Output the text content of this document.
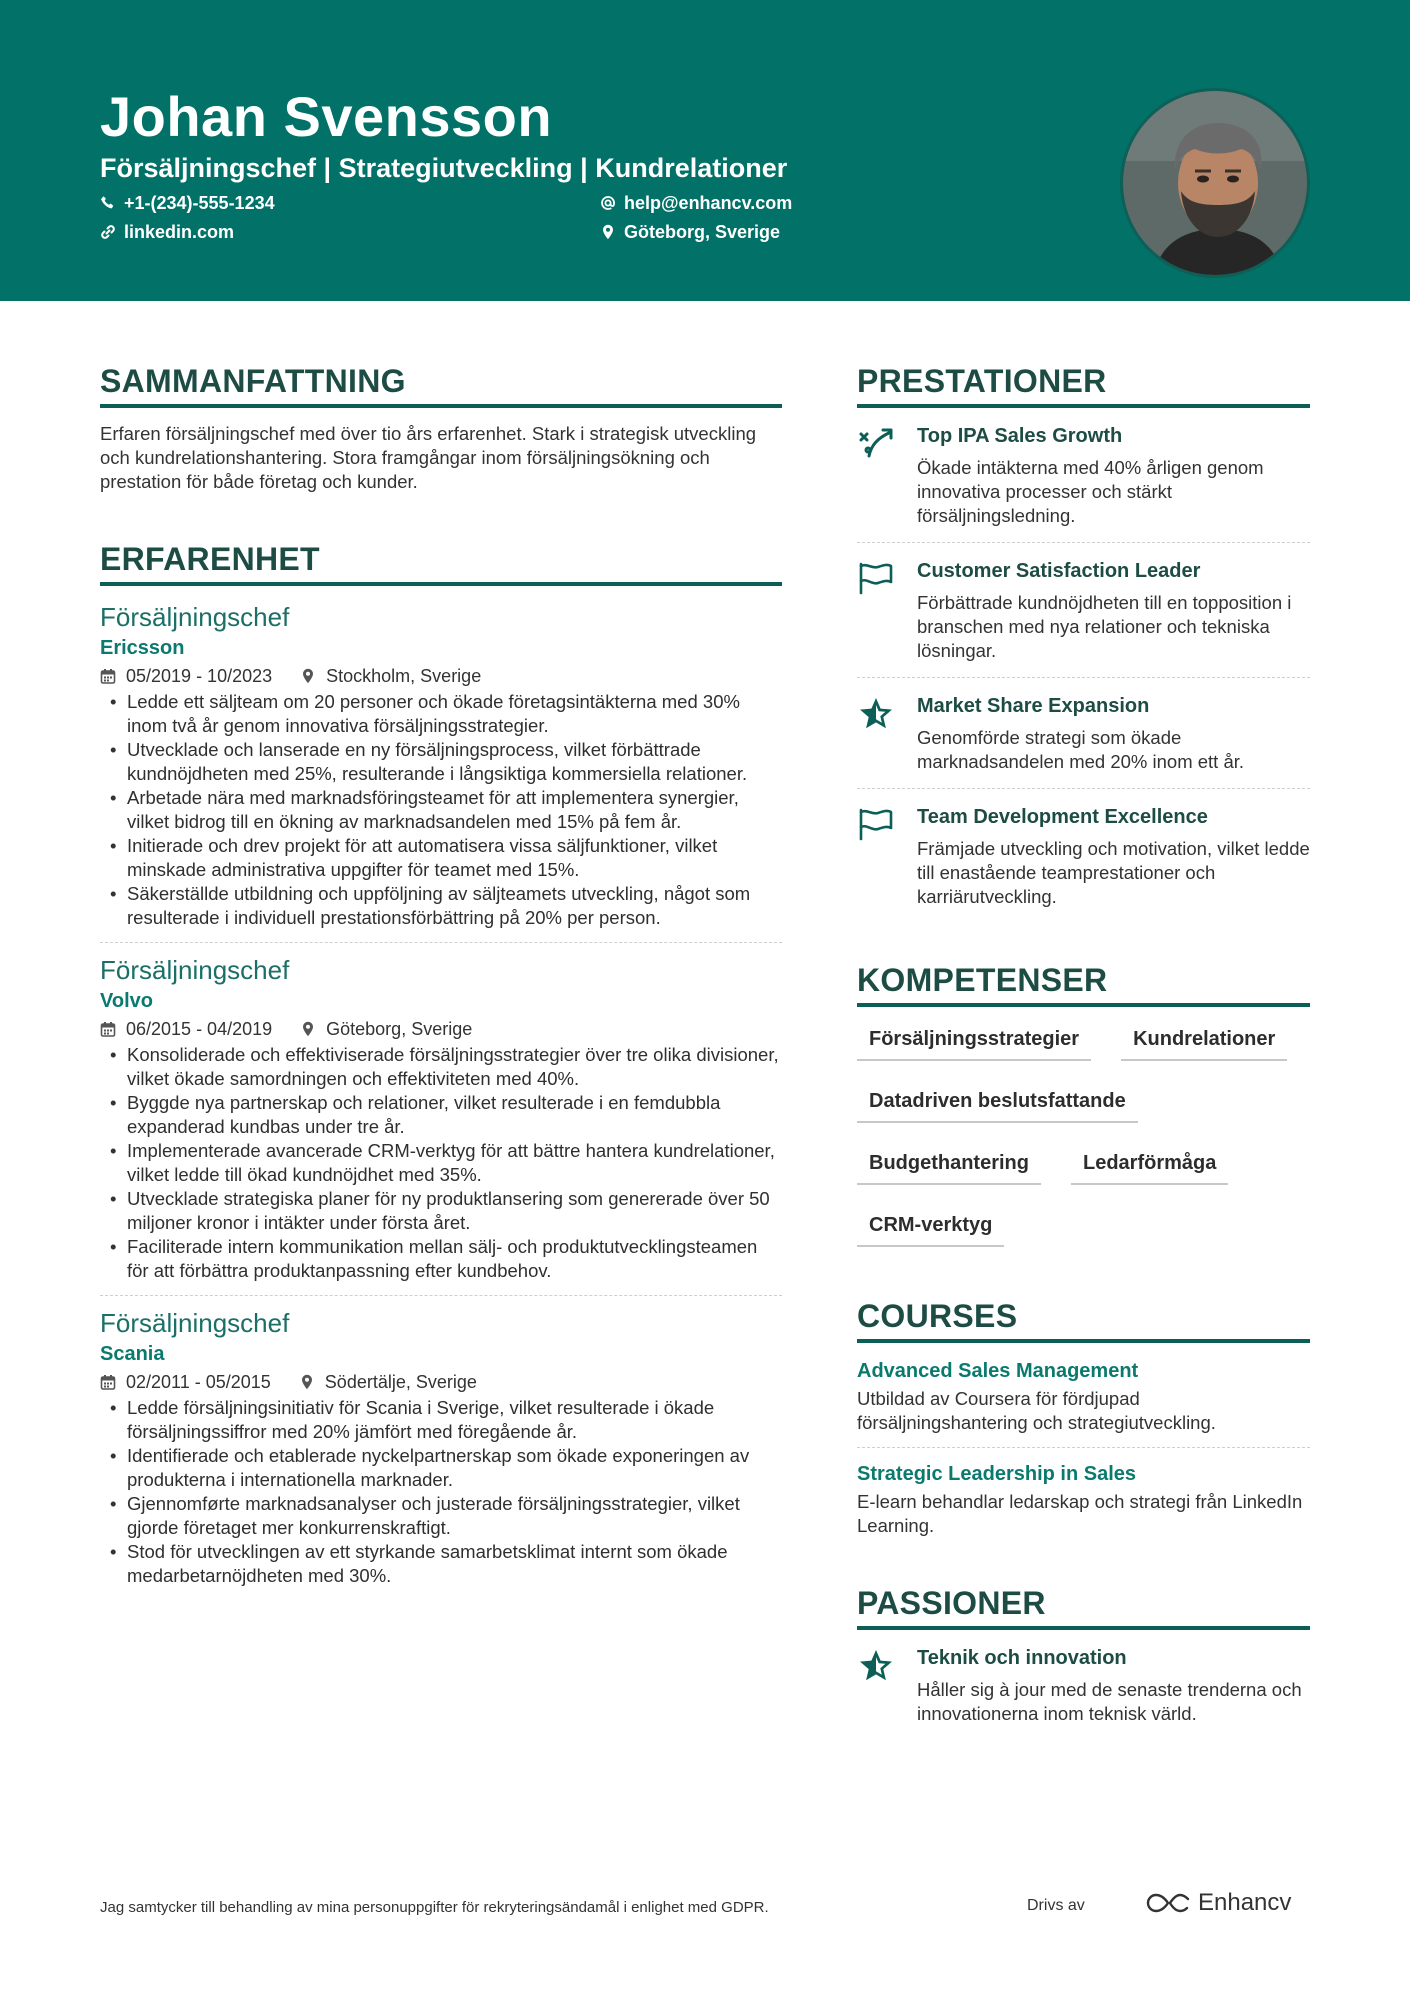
Johan Svensson
Försäljningschef | Strategiutveckling | Kundrelationer
+1-(234)-555-1234
linkedin.com
help@enhancv.com
Göteborg, Sverige
SAMMANFATTNING
Erfaren försäljningschef med över tio års erfarenhet. Stark i strategisk utveckling och kundrelationshantering. Stora framgångar inom försäljningsökning och prestation för både företag och kunder.
ERFARENHET
Försäljningschef
Ericsson
05/2019 - 10/2023	Stockholm, Sverige
• Ledde ett säljteam om 20 personer och ökade företagsintäkterna med 30% inom två år genom innovativa försäljningsstrategier.
• Utvecklade och lanserade en ny försäljningsprocess, vilket förbättrade kundnöjdheten med 25%, resulterande i långsiktiga kommersiella relationer.
• Arbetade nära med marknadsföringsteamet för att implementera synergier, vilket bidrog till en ökning av marknadsandelen med 15% på fem år.
• Initierade och drev projekt för att automatisera vissa säljfunktioner, vilket minskade administrativa uppgifter för teamet med 15%.
• Säkerställde utbildning och uppföljning av säljteamets utveckling, något som resulterade i individuell prestationsförbättring på 20% per person.
Försäljningschef
Volvo
06/2015 - 04/2019	Göteborg, Sverige
• Konsoliderade och effektiviserade försäljningsstrategier över tre olika divisioner, vilket ökade samordningen och effektiviteten med 40%.
• Byggde nya partnerskap och relationer, vilket resulterade i en femdubbla expanderad kundbas under tre år.
• Implementerade avancerade CRM-verktyg för att bättre hantera kundrelationer, vilket ledde till ökad kundnöjdhet med 35%.
• Utvecklade strategiska planer för ny produktlansering som genererade över 50 miljoner kronor i intäkter under första året.
• Faciliterade intern kommunikation mellan sälj- och produktutvecklingsteamen för att förbättra produktanpassning efter kundbehov.
Försäljningschef
Scania
02/2011 - 05/2015	Södertälje, Sverige
• Ledde försäljningsinitiativ för Scania i Sverige, vilket resulterade i ökade försäljningssiffror med 20% jämfört med föregående år.
• Identifierade och etablerade nyckelpartnerskap som ökade exponeringen av produkterna i internationella marknader.
• Gjennomførte marknadsanalyser och justerade försäljningsstrategier, vilket gjorde företaget mer konkurrenskraftigt.
• Stod för utvecklingen av ett styrkande samarbetsklimat internt som ökade medarbetarnöjdheten med 30%.
PRESTATIONER
Top IPA Sales Growth
Ökade intäkterna med 40% årligen genom innovativa processer och stärkt försäljningsledning.
Customer Satisfaction Leader
Förbättrade kundnöjdheten till en topposition i branschen med nya relationer och tekniska lösningar.
Market Share Expansion
Genomförde strategi som ökade marknadsandelen med 20% inom ett år.
Team Development Excellence
Främjade utveckling och motivation, vilket ledde till enastående teamprestationer och karriärutveckling.
KOMPETENSER
Försäljningsstrategier	Kundrelationer
Datadriven beslutsfattande
Budgethantering	Ledarförmåga
CRM-verktyg
COURSES
Advanced Sales Management
Utbildad av Coursera för fördjupad försäljningshantering och strategiutveckling.
Strategic Leadership in Sales
E-learn behandlar ledarskap och strategi från LinkedIn Learning.
PASSIONER
Teknik och innovation
Håller sig à jour med de senaste trenderna och innovationerna inom teknisk värld.
Jag samtycker till behandling av mina personuppgifter för rekryteringsändamål i enlighet med GDPR.	Drivs av	Enhancv
